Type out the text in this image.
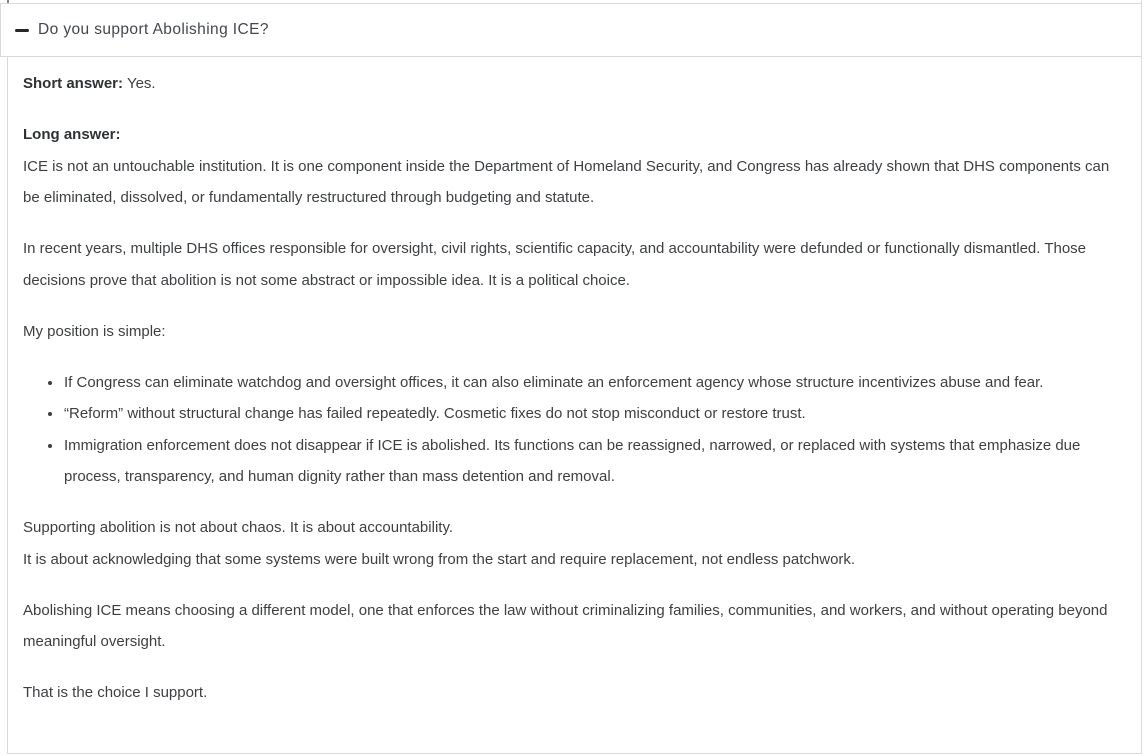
Do you support Abolishing ICE?

Short answer: Yes.

Long answer:
ICE is not an untouchable institution. It is one component inside the Department of Homeland Security, and Congress has already shown that DHS components can be eliminated, dissolved, or fundamentally restructured through budgeting and statute.

In recent years, multiple DHS offices responsible for oversight, civil rights, scientific capacity, and accountability were defunded or functionally dismantled. Those decisions prove that abolition is not some abstract or impossible idea. It is a political choice.

My position is simple:

• If Congress can eliminate watchdog and oversight offices, it can also eliminate an enforcement agency whose structure incentivizes abuse and fear.
• “Reform” without structural change has failed repeatedly. Cosmetic fixes do not stop misconduct or restore trust.
• Immigration enforcement does not disappear if ICE is abolished. Its functions can be reassigned, narrowed, or replaced with systems that emphasize due process, transparency, and human dignity rather than mass detention and removal.

Supporting abolition is not about chaos. It is about accountability.
It is about acknowledging that some systems were built wrong from the start and require replacement, not endless patchwork.

Abolishing ICE means choosing a different model, one that enforces the law without criminalizing families, communities, and workers, and without operating beyond meaningful oversight.

That is the choice I support.
